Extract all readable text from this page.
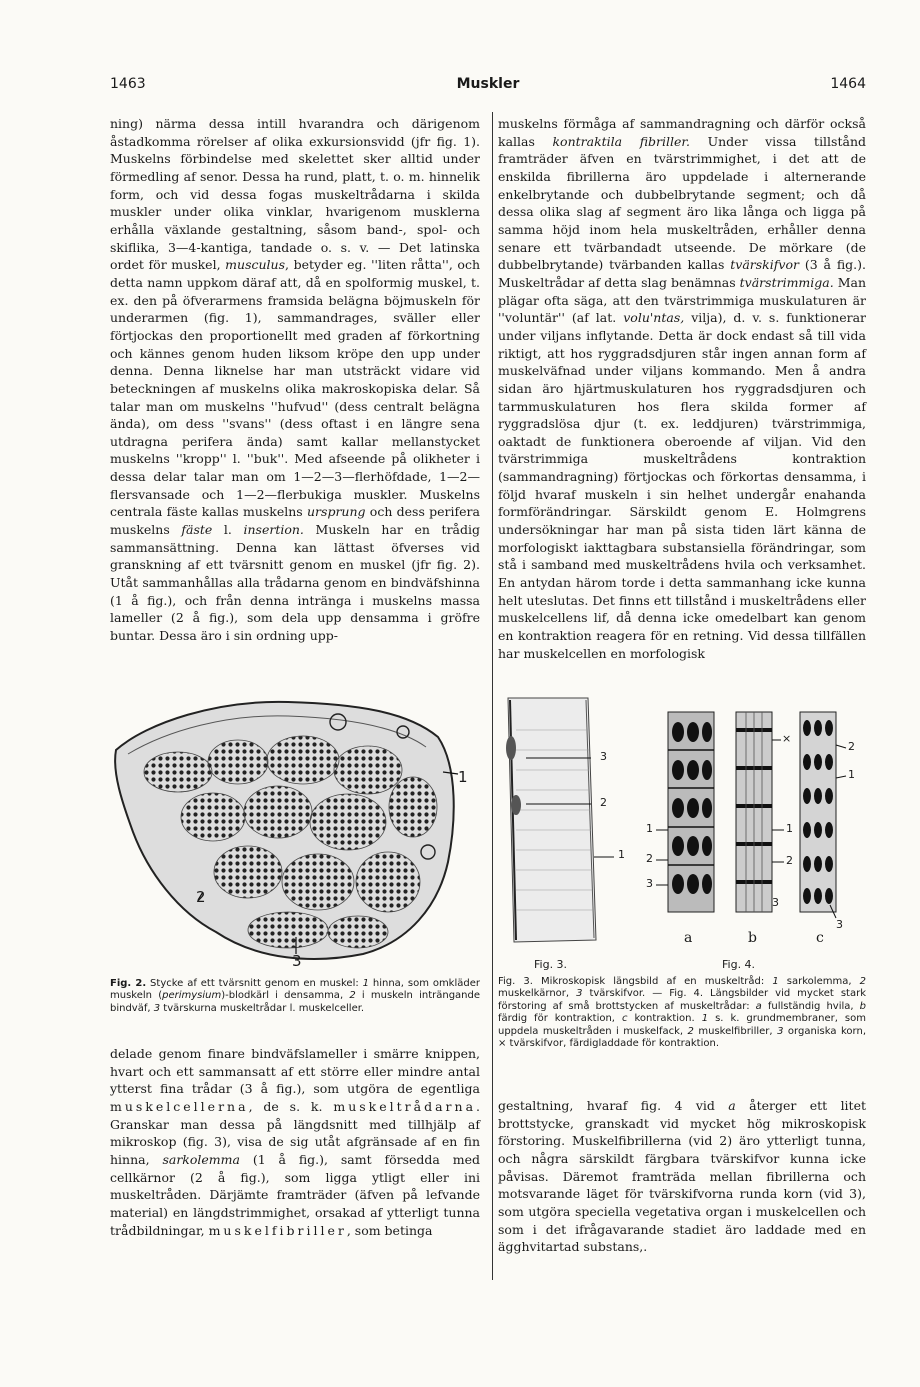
1463	Muskler	1464

ning) närma dessa intill hvarandra och därigenom åstadkomma rörelser af olika exkursionsvidd (jfr fig. 1). Muskelns förbindelse med skelettet sker alltid under förmedling af senor. Dessa ha rund, platt, t. o. m. hinnelik form, och vid dessa fogas muskeltrådarna i skilda muskler under olika vinklar, hvarigenom musklerna erhålla växlande gestaltning, såsom band-, spol- och skiflika, 3—4-kantiga, tandade o. s. v. — Det latinska ordet för muskel, musculus, betyder eg. ''liten råtta'', och detta namn uppkom däraf att, då en spolformig muskel, t. ex. den på öfverarmens framsida belägna böjmuskeln för underarmen (fig. 1), sammandrages, sväller eller förtjockas den proportionellt med graden af förkortning och kännes genom huden liksom kröpe den upp under denna. Denna liknelse har man utsträckt vidare vid beteckningen af muskelns olika makroskopiska delar. Så talar man om muskelns ''hufvud'' (dess centralt belägna ända), om dess ''svans'' (dess oftast i en längre sena utdragna perifera ända) samt kallar mellanstycket muskelns ''kropp'' l. ''buk''. Med afseende på olikheter i dessa delar talar man om 1—2—3—flerhöfdade, 1—2—flersvansade och 1—2—flerbukiga muskler. Muskelns centrala fäste kallas muskelns ursprung och dess perifera muskelns fäste l. insertion. Muskeln har en trådig sammansättning. Denna kan lättast öfverses vid granskning af ett tvärsnitt genom en muskel (jfr fig. 2). Utåt sammanhållas alla trådarna genom en bindväfshinna (1 å fig.), och från denna intränga i muskelns massa lameller (2 å fig.), som dela upp densamma i gröfre buntar. Dessa äro i sin ordning upp-

1
2
3

Fig. 2. Stycke af ett tvärsnitt genom en muskel: 1 hinna, som omkläder muskeln (perimysium)-blodkärl i densamma, 2 i muskeln inträngande bindväf, 3 tvärskurna muskeltrådar l. muskelceller.

delade genom finare bindväfslameller i smärre knippen, hvart och ett sammansatt af ett större eller mindre antal ytterst fina trådar (3 å fig.), som utgöra de egentliga muskelcellerna, de s. k. muskeltrådarna. Granskar man dessa på längdsnitt med tillhjälp af mikroskop (fig. 3), visa de sig utåt afgränsade af en fin hinna, sarkolemma (1 å fig.), samt försedda med cellkärnor (2 å fig.), som ligga ytligt eller ini muskeltråden. Därjämte framträder (äfven på lefvande material) en längdstrimmighet, orsakad af ytterligt tunna trådbildningar, muskelfibriller, som betinga

muskelns förmåga af sammandragning och därför också kallas kontraktila fibriller. Under vissa tillstånd framträder äfven en tvärstrimmighet, i det att de enskilda fibrillerna äro uppdelade i alternerande enkelbrytande och dubbelbrytande segment; och då dessa olika slag af segment äro lika långa och ligga på samma höjd inom hela muskeltråden, erhåller denna senare ett tvärbandadt utseende. De mörkare (de dubbelbrytande) tvärbanden kallas tvärskifvor (3 å fig.). Muskeltrådar af detta slag benämnas tvärstrimmiga. Man plägar ofta säga, att den tvärstrimmiga muskulaturen är ''voluntär'' (af lat. volu'ntas, vilja), d. v. s. funktionerar under viljans inflytande. Detta är dock endast så till vida riktigt, att hos ryggradsdjuren står ingen annan form af muskelväfnad under viljans kommando. Men å andra sidan äro hjärtmuskulaturen hos ryggradsdjuren och tarmmuskulaturen hos flera skilda former af ryggradslösa djur (t. ex. leddjuren) tvärstrimmiga, oaktadt de funktionera oberoende af viljan. Vid den tvärstrimmiga muskeltrådens kontraktion (sammandragning) förtjockas och förkortas densamma, i följd hvaraf muskeln i sin helhet undergår enahanda formförändringar. Särskildt genom E. Holmgrens undersökningar har man på sista tiden lärt känna de morfologiskt iakttagbara substansiella förändringar, som stå i samband med muskeltrådens hvila och verksamhet. En antydan härom torde i detta sammanhang icke kunna helt uteslutas. Det finns ett tillstånd i muskeltrådens eller muskelcellens lif, då denna icke omedelbart kan genom en kontraktion reagera för en retning. Vid dessa tillfällen har muskelcellen en morfologisk

3
2
1
1
2
3
×
1
2
3
2
1
3
a	b	c
Fig. 3.	Fig. 4.

Fig. 3. Mikroskopisk längsbild af en muskeltråd: 1 sarkolemma, 2 muskelkärnor, 3 tvärskifvor. — Fig. 4. Längsbilder vid mycket stark förstoring af små brottstycken af muskeltrådar: a fullständig hvila, b färdig för kontraktion, c kontraktion. 1 s. k. grundmembraner, som uppdela muskeltråden i muskelfack, 2 muskelfibriller, 3 organiska korn, × tvärskifvor, färdigladdade för kontraktion.

gestaltning, hvaraf fig. 4 vid a återger ett litet brottstycke, granskadt vid mycket hög mikroskopisk förstoring. Muskelfibrillerna (vid 2) äro ytterligt tunna, och några särskildt färgbara tvärskifvor kunna icke påvisas. Däremot framträda mellan fibrillerna och motsvarande läget för tvärskifvorna runda korn (vid 3), som utgöra speciella vegetativa organ i muskelcellen och som i det ifrågavarande stadiet äro laddade med en ägghvitartad substans,.
